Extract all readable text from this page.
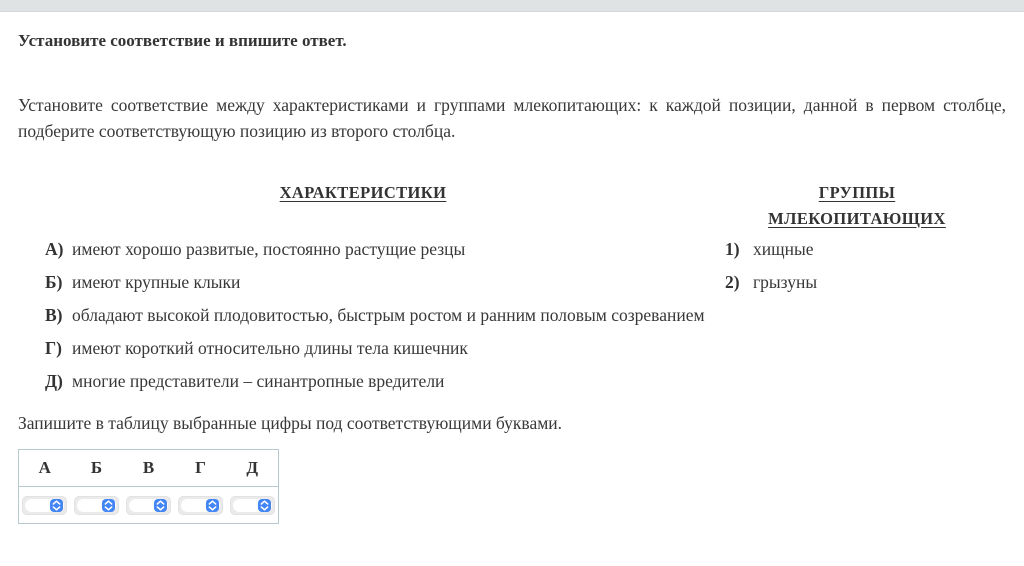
Установите соответствие и впишите ответ.
Установите соответствие между характеристиками и группами млекопитающих: к каждой позиции, данной в первом столбце, подберите соответствующую позицию из второго столбца.
ХАРАКТЕРИСТИКИ
А) имеют хорошо развитые, постоянно растущие резцы
Б) имеют крупные клыки
В) обладают высокой плодовитостью, быстрым ростом и ранним половым созреванием
Г) имеют короткий относительно длины тела кишечник
Д) многие представители – синантропные вредители
ГРУППЫ
МЛЕКОПИТАЮЩИХ
1) хищные
2) грызуны
Запишите в таблицу выбранные цифры под соответствующими буквами.
А	Б	В	Г	Д
